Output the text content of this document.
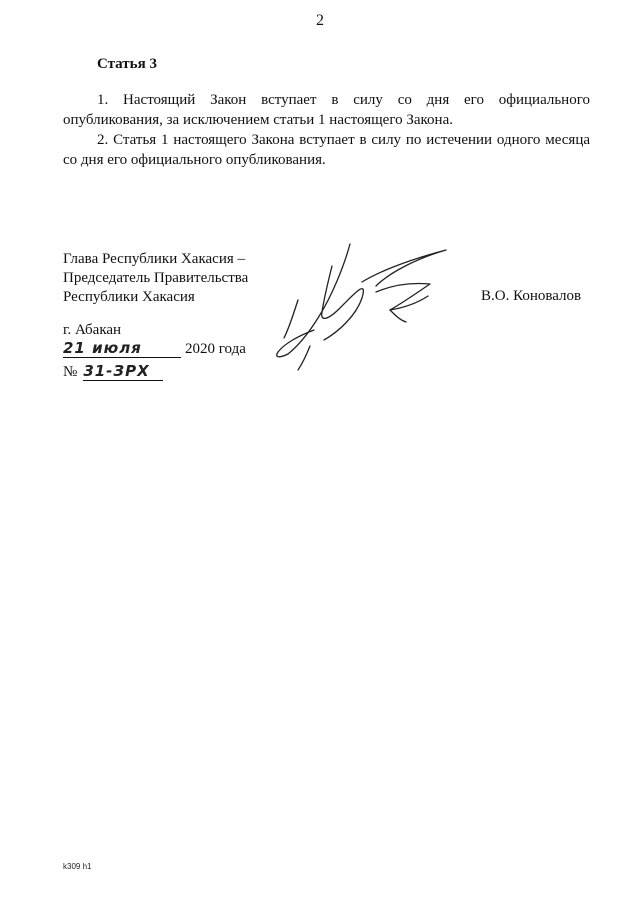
2
Статья 3

1. Настоящий Закон вступает в силу со дня его официального опубликования, за исключением статьи 1 настоящего Закона.

2. Статья 1 настоящего Закона вступает в силу по истечении одного месяца со дня его официального опубликования.

Глава Республики Хакасия –
Председатель Правительства
Республики Хакасия	В.О. Коновалов
г. Абакан
21 июля	2020 года
№ 31-ЗРХ
k309 h1
